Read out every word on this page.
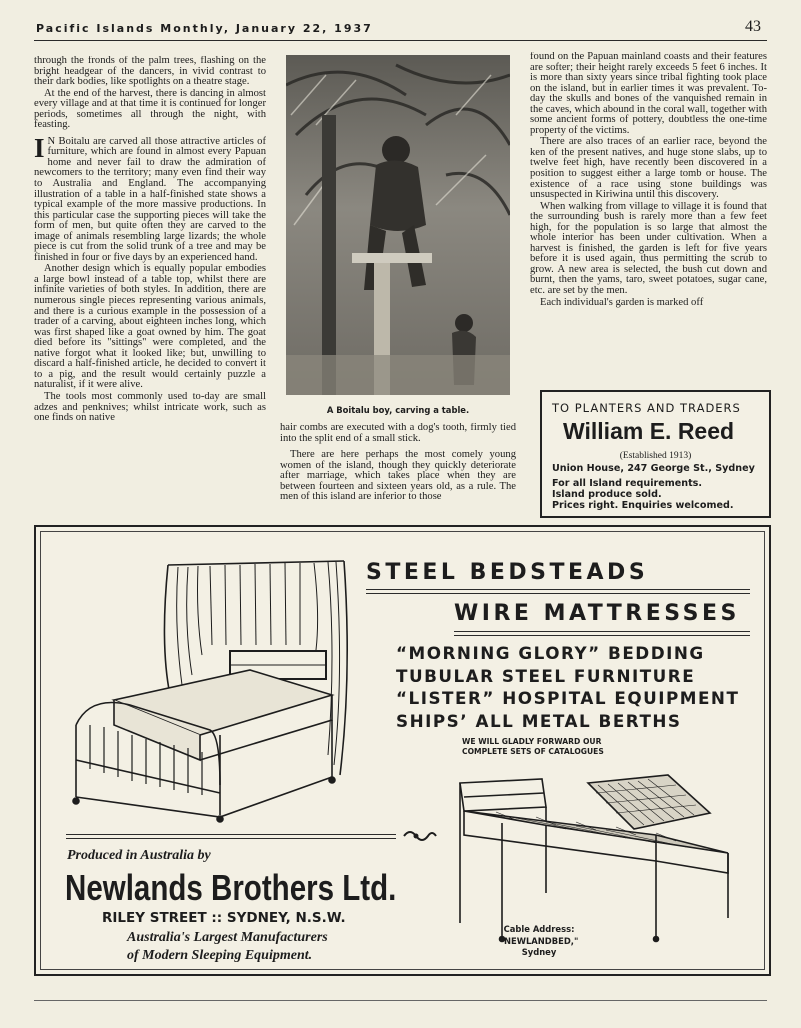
Pacific Islands Monthly, January 22, 1937	43

through the fronds of the palm trees, flashing on the bright headgear of the dancers, in vivid contrast to their dark bodies, like spotlights on a theatre stage.

At the end of the harvest, there is dancing in almost every village and at that time it is continued for longer periods, sometimes all through the night, with feasting.

I N Boitalu are carved all those attractive articles of furniture, which are found in almost every Papuan home and never fail to draw the admiration of newcomers to the territory; many even find their way to Australia and England. The accompanying illustration of a table in a half-finished state shows a typical example of the more massive productions. In this particular case the supporting pieces will take the form of men, but quite often they are carved to the image of animals resembling large lizards; the whole piece is cut from the solid trunk of a tree and may be finished in four or five days by an experienced hand.

Another design which is equally popular embodies a large bowl instead of a table top, whilst there are infinite varieties of both styles. In addition, there are numerous single pieces representing various animals, and there is a curious example in the possession of a trader of a carving, about eighteen inches long, which was first shaped like a goat owned by him. The goat died before its "sittings" were completed, and the native forgot what it looked like; but, unwilling to discard a half-finished article, he decided to convert it to a pig, and the result would certainly puzzle a naturalist, if it were alive.

The tools most commonly used to-day are small adzes and penknives; whilst intricate work, such as one finds on native

A Boitalu boy, carving a table.

hair combs are executed with a dog's tooth, firmly tied into the split end of a small stick.

There are here perhaps the most comely young women of the island, though they quickly deteriorate after marriage, which takes place when they are between fourteen and sixteen years old, as a rule. The men of this island are inferior to those

found on the Papuan mainland coasts and their features are softer; their height rarely exceeds 5 feet 6 inches. It is more than sixty years since tribal fighting took place on the island, but in earlier times it was prevalent. To-day the skulls and bones of the vanquished remain in the caves, which abound in the coral wall, together with some ancient forms of pottery, doubtless the one-time property of the victims.

There are also traces of an earlier race, beyond the ken of the present natives, and huge stone slabs, up to twelve feet high, have recently been discovered in a position to suggest either a large tomb or house. The existence of a race using stone buildings was unsuspected in Kiriwina until this discovery.

When walking from village to village it is found that the surrounding bush is rarely more than a few feet high, for the population is so large that almost the whole interior has been under cultivation. When a harvest is finished, the garden is left for five years before it is used again, thus permitting the scrub to grow. A new area is selected, the bush cut down and burnt, then the yams, taro, sweet potatoes, sugar cane, etc. are set by the men.

Each individual's garden is marked off

TO PLANTERS AND TRADERS
William E. Reed
(Established 1913)
Union House, 247 George St., Sydney
For all Island requirements.
Island produce sold.
Prices right. Enquiries welcomed.
STEEL BEDSTEADS
WIRE MATTRESSES
“MORNING GLORY” BEDDING
TUBULAR STEEL FURNITURE
“LISTER” HOSPITAL EQUIPMENT
SHIPS’ ALL METAL BERTHS
WE WILL GLADLY FORWARD OUR
COMPLETE SETS OF CATALOGUES
Produced in Australia by
Newlands Brothers Ltd.
RILEY STREET :: SYDNEY, N.S.W.
Australia's Largest Manufacturers
of Modern Sleeping Equipment.
Cable Address:
"NEWLANDBED,"
Sydney
